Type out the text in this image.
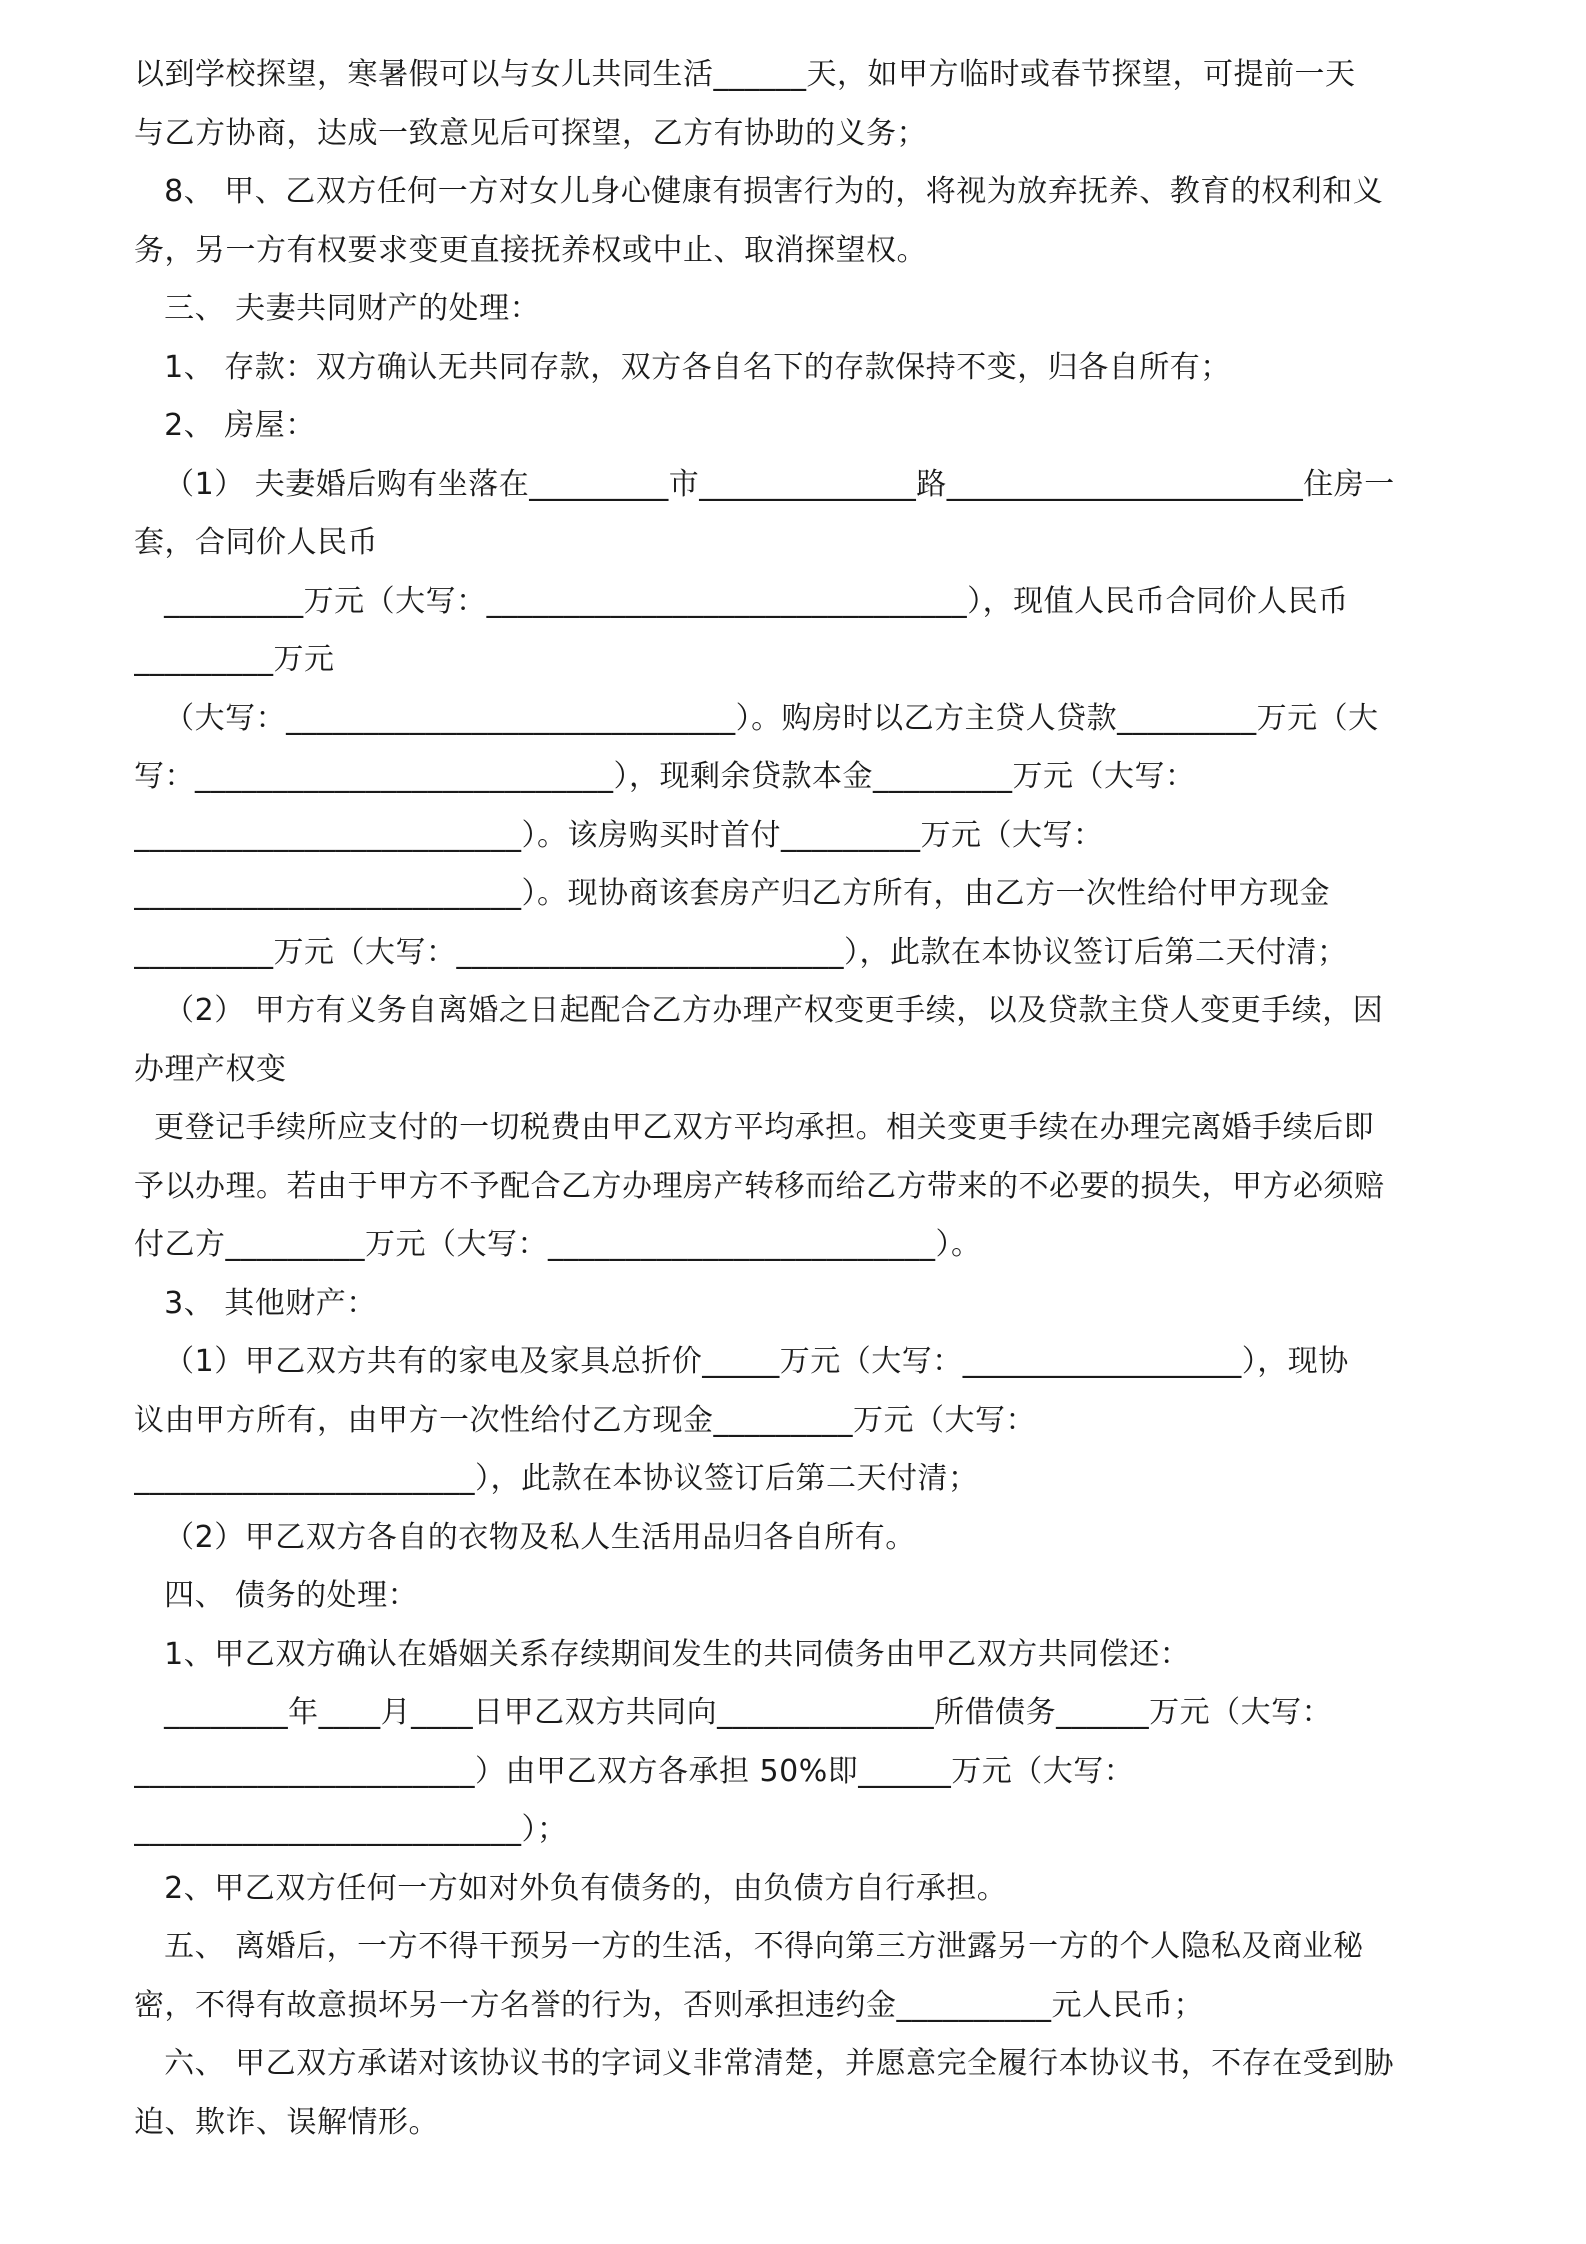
以到学校探望，寒暑假可以与女儿共同生活______天，如甲方临时或春节探望，可提前一天
与乙方协商，达成一致意见后可探望，乙方有协助的义务；
8、 甲、乙双方任何一方对女儿身心健康有损害行为的，将视为放弃抚养、教育的权利和义
务，另一方有权要求变更直接抚养权或中止、取消探望权。
三、 夫妻共同财产的处理：
1、 存款：双方确认无共同存款，双方各自名下的存款保持不变，归各自所有；
2、 房屋：
（1） 夫妻婚后购有坐落在_________市______________路_______________________住房一
套，合同价人民币
_________万元（大写：_______________________________），现值人民币合同价人民币
_________万元
（大写：_____________________________）。购房时以乙方主贷人贷款_________万元（大
写：___________________________），现剩余贷款本金_________万元（大写：
_________________________）。该房购买时首付_________万元（大写：
_________________________）。现协商该套房产归乙方所有，由乙方一次性给付甲方现金
_________万元（大写：_________________________），此款在本协议签订后第二天付清；
（2） 甲方有义务自离婚之日起配合乙方办理产权变更手续，以及贷款主贷人变更手续，因
办理产权变
更登记手续所应支付的一切税费由甲乙双方平均承担。相关变更手续在办理完离婚手续后即
予以办理。若由于甲方不予配合乙方办理房产转移而给乙方带来的不必要的损失，甲方必须赔
付乙方_________万元（大写：_________________________）。
3、 其他财产：
（1）甲乙双方共有的家电及家具总折价_____万元（大写：__________________），现协
议由甲方所有，由甲方一次性给付乙方现金_________万元（大写：
______________________），此款在本协议签订后第二天付清；
（2）甲乙双方各自的衣物及私人生活用品归各自所有。
四、 债务的处理：
1、甲乙双方确认在婚姻关系存续期间发生的共同债务由甲乙双方共同偿还：
________年____月____日甲乙双方共同向______________所借债务______万元（大写：
______________________）由甲乙双方各承担 50%即______万元（大写：
_________________________）；
2、甲乙双方任何一方如对外负有债务的，由负债方自行承担。
五、 离婚后，一方不得干预另一方的生活，不得向第三方泄露另一方的个人隐私及商业秘
密，不得有故意损坏另一方名誉的行为，否则承担违约金__________元人民币；
六、 甲乙双方承诺对该协议书的字词义非常清楚，并愿意完全履行本协议书，不存在受到胁
迫、欺诈、误解情形。
